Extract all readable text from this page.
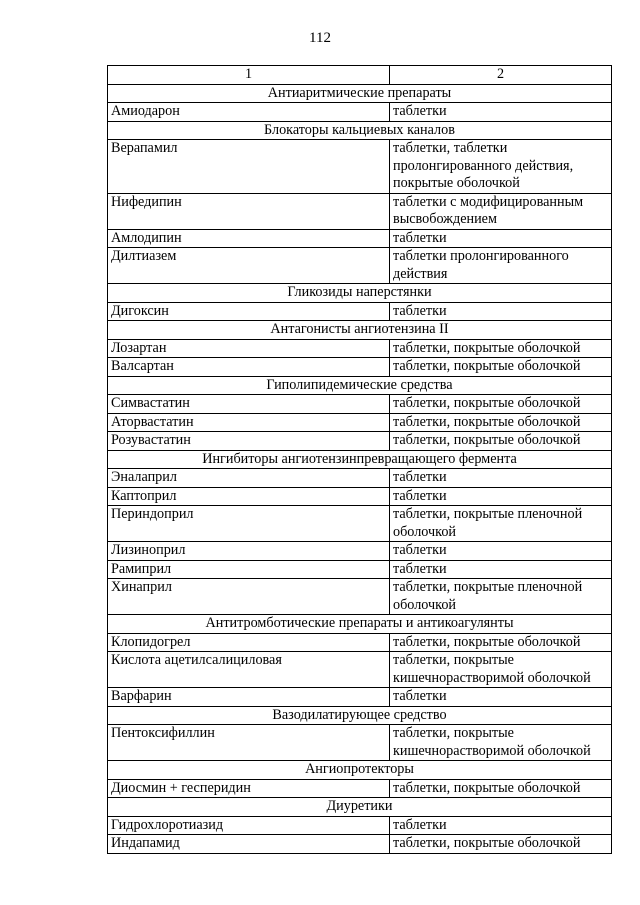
112
1	2
Антиаритмические препараты	
Амиодарон	таблетки
Блокаторы кальциевых каналов	
Верапамил	таблетки, таблетки пролонгированного действия, покрытые оболочкой
Нифедипин	таблетки с модифицированным высвобождением
Амлодипин	таблетки
Дилтиазем	таблетки пролонгированного действия
Гликозиды наперстянки	
Дигоксин	таблетки
Антагонисты ангиотензина II	
Лозартан	таблетки, покрытые оболочкой
Валсартан	таблетки, покрытые оболочкой
Гиполипидемические средства	
Симвастатин	таблетки, покрытые оболочкой
Аторвастатин	таблетки, покрытые оболочкой
Розувастатин	таблетки, покрытые оболочкой
Ингибиторы ангиотензинпревращающего фермента	
Эналаприл	таблетки
Каптоприл	таблетки
Периндоприл	таблетки, покрытые пленочной оболочкой
Лизиноприл	таблетки
Рамиприл	таблетки
Хинаприл	таблетки, покрытые пленочной оболочкой
Антитромботические препараты и антикоагулянты	
Клопидогрел	таблетки, покрытые оболочкой
Кислота ацетилсалициловая	таблетки, покрытые кишечнорастворимой оболочкой
Варфарин	таблетки
Вазодилатирующее средство	
Пентоксифиллин	таблетки, покрытые кишечнорастворимой оболочкой
Ангиопротекторы	
Диосмин + гесперидин	таблетки, покрытые оболочкой
Диуретики	
Гидрохлоротиазид	таблетки
Индапамид	таблетки, покрытые оболочкой
